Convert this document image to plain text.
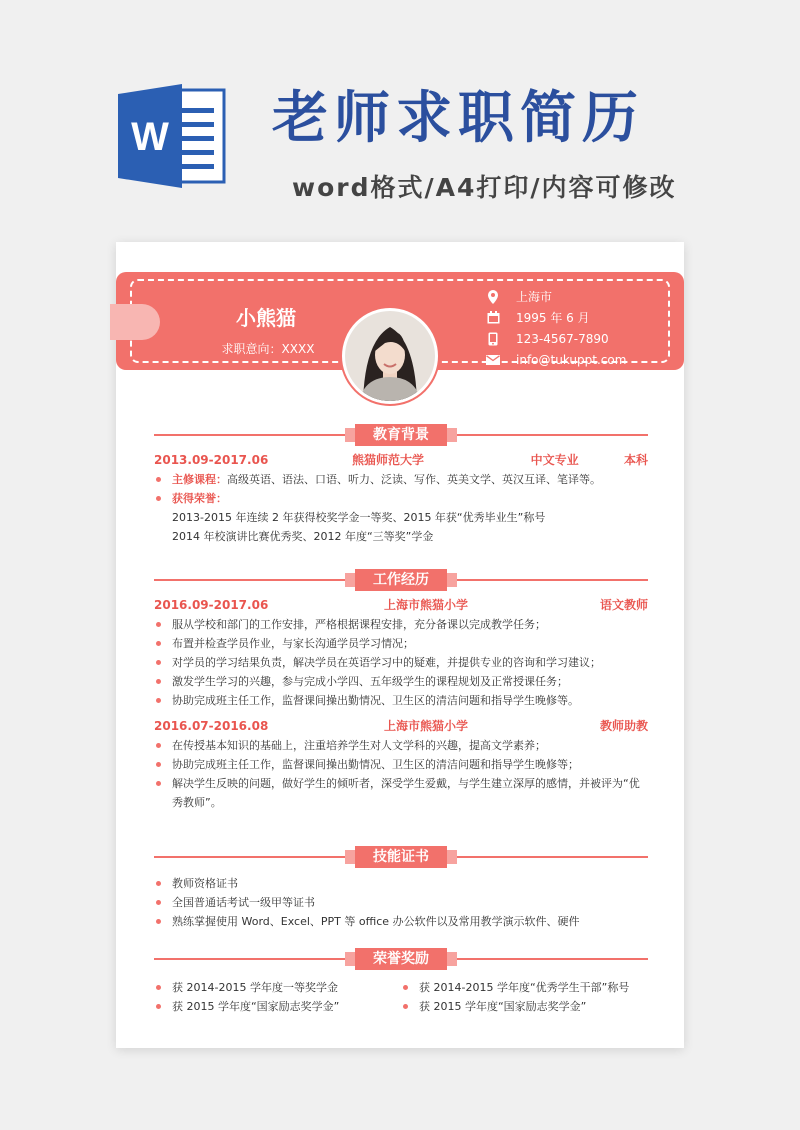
W 老师求职简历
word格式/A4打印/内容可修改
小熊猫
求职意向：XXXX
上海市
1995 年 6 月
123-4567-7890
info@tukuppt.com
教育背景
2013.09-2017.06	熊猫师范大学	中文专业	本科
主修课程：高级英语、语法、口语、听力、泛读、写作、英美文学、英汉互译、笔译等。
获得荣誉：
2013-2015 年连续 2 年获得校奖学金一等奖、2015 年获“优秀毕业生”称号
2014 年校演讲比赛优秀奖、2012 年度“三等奖”学金
工作经历
2016.09-2017.06	上海市熊猫小学	语文教师
服从学校和部门的工作安排，严格根据课程安排，充分备课以完成教学任务；
布置并检查学员作业，与家长沟通学员学习情况；
对学员的学习结果负责，解决学员在英语学习中的疑难，并提供专业的咨询和学习建议；
激发学生学习的兴趣，参与完成小学四、五年级学生的课程规划及正常授课任务；
协助完成班主任工作，监督课间操出勤情况、卫生区的清洁问题和指导学生晚修等。
2016.07-2016.08	上海市熊猫小学	教师助教
在传授基本知识的基础上，注重培养学生对人文学科的兴趣，提高文学素养；
协助完成班主任工作，监督课间操出勤情况、卫生区的清洁问题和指导学生晚修等；
解决学生反映的问题，做好学生的倾听者，深受学生爱戴，与学生建立深厚的感情，并被评为“优秀教师”。
技能证书
教师资格证书
全国普通话考试一级甲等证书
熟练掌握使用 Word、Excel、PPT 等 office 办公软件以及常用教学演示软件、硬件
荣誉奖励
获 2014-2015 学年度一等奖学金
获 2015 学年度“国家励志奖学金”
获 2014-2015 学年度“优秀学生干部”称号
获 2015 学年度“国家励志奖学金”
